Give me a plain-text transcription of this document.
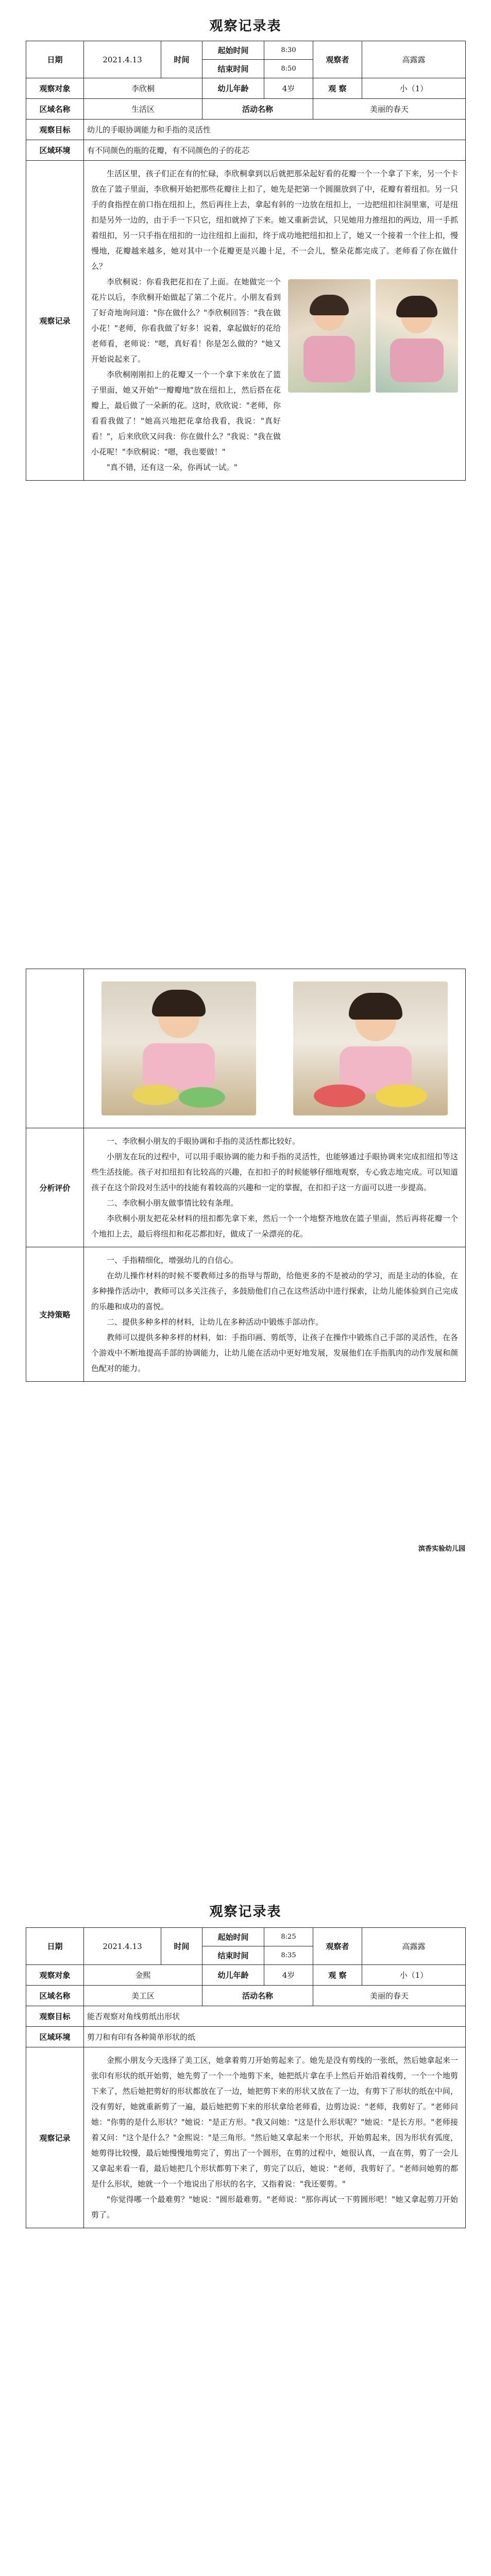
观察记录表
日期	2021.4.13	时间	起始时间	8:30	观察者	高露露
			结束时间	8:50		
观察对象	李欣桐		幼儿年龄	4岁	观 察	小（1）
区域名称	生活区		活动名称		美丽的春天	
观察目标	幼儿的手眼协调能力和手指的灵活性					
区域环境	有不同颜色的瓶的花瓣，有不同颜色的子的花芯					
观察记录	生活区里，孩子们正在有的忙碌，李欣桐拿到以后就把那朵起好看的花瓣一个一个拿了下来，另一个卡放在了篮子里面，李欣桐开始把那些花瓣往上扣了，她先是把第一个圆圈放到了中，花瓣有着纽扣。另一只手的食指捏在前口指在纽扣上，然后再往上去，拿起有斜的一边放在纽扣上，一边把纽扣往洞里塞，可是纽扣是另外一边的，由于手一下只它，纽扣就掉了下来。她又重新尝试，只见她用力推纽扣的两边，用一手抓着纽扣，另一只手指在纽扣的一边往纽扣上面扣，终于成功地把纽扣扣上了，她又一个接着一个往上扣，慢慢地，花瓣越来越多，她对其中一个花瓣更是兴趣十足，不一会儿，整朵花都完成了。老师看了你在做什么？

李欣桐说：你看我把花扣在了上面。在她做完一个花片以后，李欣桐开始做起了第二个花片。小朋友看到了好奇地询问道："你在做什么？"李欣桐回答："我在做小花！"老师，你看我做了好多！说着，拿起做好的花给老师看，老师说："嗯，真好看！你是怎么做的？"她又开始说起来了。

李欣桐刚刚扣上的花瓣又一个一个拿下来放在了篮子里面，她又开始"一瓣瓣地"放在纽扣上，然后搭在花瓣上，最后做了一朵新的花。这时，欣欣说："老师，你看看我做了！"她高兴地把花拿给我看，我说："真好看！"，后来欣欣又问我：你在做什么？"我说："我在做小花呢！"李欣桐说："嗯，我也要做！"

"真不错，还有这一朵，你再试一试。"					

分析评价	一、李欣桐小朋友的手眼协调和手指的灵活性都比较好。

小朋友在玩的过程中，可以用手眼协调的能力和手指的灵活性，也能够通过手眼协调来完成扣纽扣等这些生活技能。孩子对扣纽扣有比较高的兴趣，在扣扣子的时候能够仔细地观察，专心致志地完成。可以知道孩子在这个阶段对生活中的技能有着较高的兴趣和一定的掌握，在扣扣子这一方面可以进一步提高。

二、李欣桐小朋友做事情比较有条理。

李欣桐小朋友把花朵材料的纽扣都先拿下来，然后一个一个地整齐地放在篮子里面，然后再将花瓣一个个地扣上去，最后将纽扣和花芯都扣好，做成了一朵漂亮的花。

支持策略	一、手指精细化，增强幼儿的自信心。

在幼儿操作材料的时候不要教师过多的指导与帮助，给他更多的不是被动的学习，而是主动的体验，在多种操作活动中，教师可以多关注孩子，多鼓励他们自己在这些活动中进行探索，让幼儿能体验到自己完成的乐趣和成功的喜悦。

二、提供多种多样的材料，让幼儿在多种活动中锻炼手部动作。

教师可以提供多种多样的材料，如：手指印画、剪纸等，让孩子在操作中锻炼自己手部的灵活性，在各个游戏中不断地提高手部的协调能力，让幼儿能在活动中更好地发展，发展他们在手指肌肉的动作发展和颜色配对的能力。

滨香实验幼儿园
观察记录表
日期	2021.4.13	时间	起始时间	8:25	观察者	高露露
			结束时间	8:35		
观察对象	金熙		幼儿年龄	4岁	观 察	小（1）
区域名称	美工区		活动名称		美丽的春天	
观察目标	能否观察对角线剪纸出形状					
区域环境	剪刀和有印有各种简单形状的纸					
观察记录	金熙小朋友今天选择了美工区，她拿着剪刀开始剪起来了。她先是没有剪线的一张纸，然后她拿起来一张印有形状的纸开始剪，她先剪了一个一个地剪下来，她把纸片拿在手上然后开始沿着线剪，一个一个地剪下来了，然后她把剪好的形状都放在了一边，她把剪下来的形状又放在了一边，有剪下了形状的纸在中间，没有剪好，她就重新剪了一遍，最后她把剪下来的形状拿给老师看，边剪边说："老师，我剪好了。"老师问她："你剪的是什么形状？"她说："是正方形。"我又问她："这是什么形状呢？"她说："是长方形。"老师接着又问："这个是什么？"金熙说："是三角形。"然后她又拿起来一个形状，开始剪起来，因为形状有弧度，她剪得比较慢，最后她慢慢地剪完了，剪出了一个圆形，在剪的过程中，她很认真，一直在剪，剪了一会儿又拿起来看一看，最后她把几个形状都剪下来了，剪完了以后，她说："老师，我剪好了。"老师问她剪的都是什么形状，她就一个一个地说出了形状的名字，又指着说："我还要剪。"

"你觉得哪一个最难剪？"她说："圆形最难剪。"老师说："那你再试一下剪圆形吧！"她又拿起剪刀开始剪了。					
